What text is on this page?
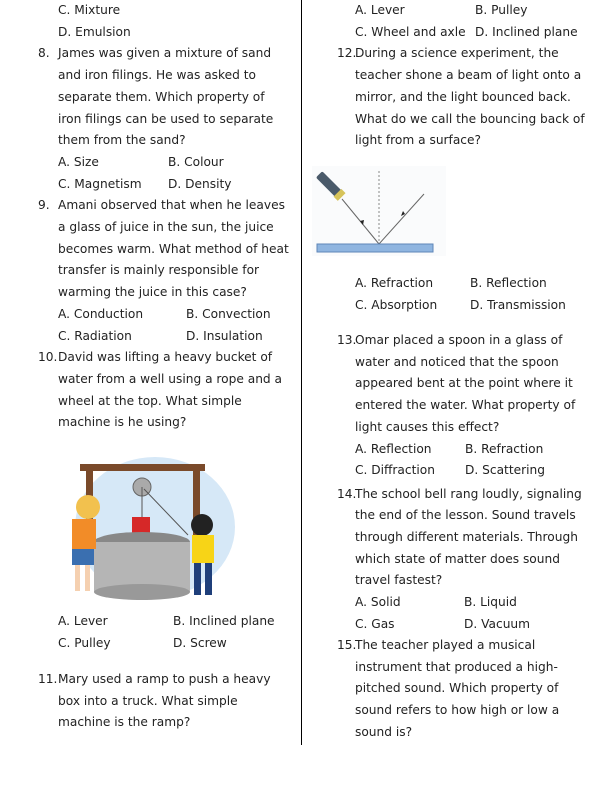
C. Mixture
D. Emulsion
8. James was given a mixture of sand
and iron filings. He was asked to
separate them. Which property of
iron filings can be used to separate
them from the sand?
A. Size	B. Colour
C. Magnetism D. Density
9. Amani observed that when he leaves
a glass of juice in the sun, the juice
becomes warm. What method of heat
transfer is mainly responsible for
warming the juice in this case?
A. Conduction	B. Convection
C. Radiation	D. Insulation
10. David was lifting a heavy bucket of
water from a well using a rope and a
wheel at the top. What simple
machine is he using?
A. Lever	B. Inclined plane
C. Pulley	D. Screw
11. Mary used a ramp to push a heavy
box into a truck. What simple
machine is the ramp?
A. Lever	B. Pulley
C. Wheel and axle D. Inclined plane
12.
During a science experiment, the
teacher shone a beam of light onto a
mirror, and the light bounced back.
What do we call the bouncing back of
light from a surface?
A. Refraction	B. Reflection
C. Absorption	D. Transmission
13.
Omar placed a spoon in a glass of
water and noticed that the spoon
appeared bent at the point where it
entered the water. What property of
light causes this effect?
A. Reflection	B. Refraction
C. Diffraction D. Scattering
14.
The school bell rang loudly, signaling
the end of the lesson. Sound travels
through different materials. Through
which state of matter does sound
travel fastest?
A. Solid	B. Liquid
C. Gas	D. Vacuum
15.
The teacher played a musical
instrument that produced a high-
pitched sound. Which property of
sound refers to how high or low a
sound is?
